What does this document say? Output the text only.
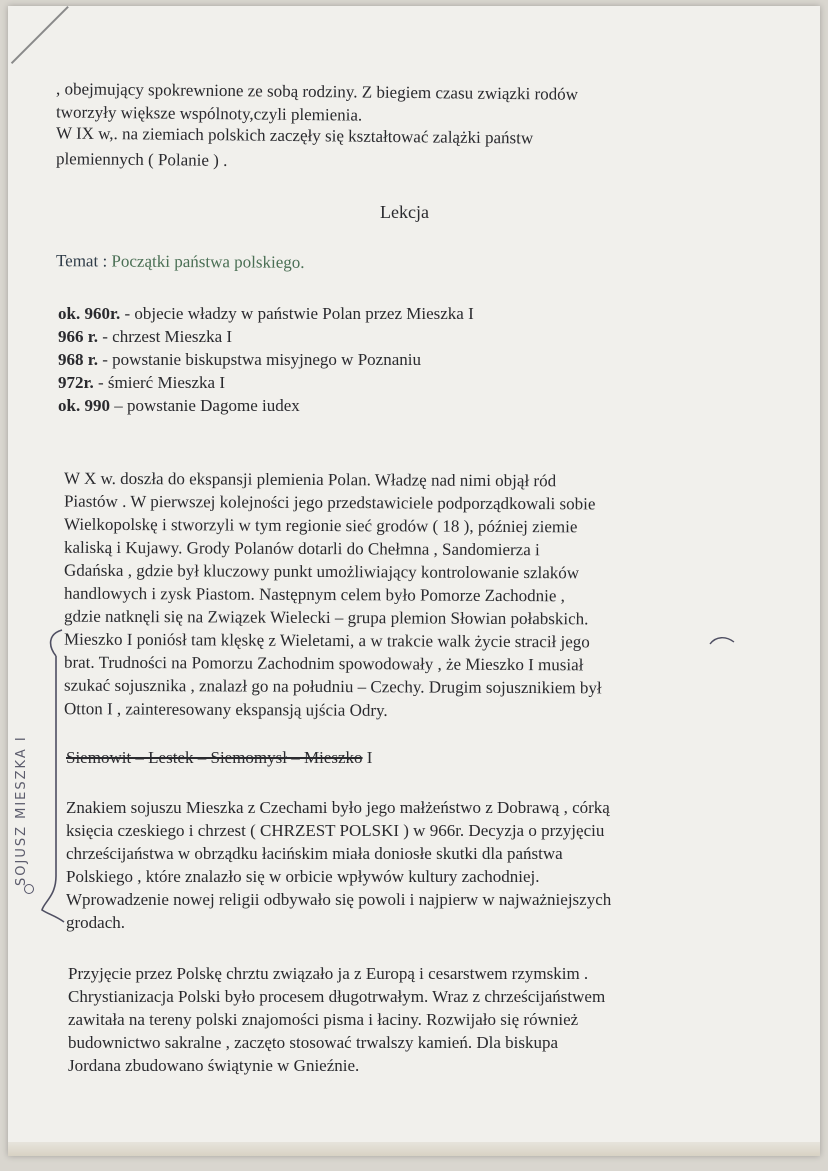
, obejmujący spokrewnione ze sobą rodziny. Z biegiem czasu związki rodów
tworzyły większe wspólnoty,czyli plemienia.
W IX w,. na ziemiach polskich zaczęły się kształtować zalążki państw
plemiennych ( Polanie ) .
Lekcja
Temat : Początki państwa polskiego.
ok. 960r. - objecie władzy w państwie Polan przez Mieszka I
966 r. - chrzest Mieszka I
968 r. - powstanie biskupstwa misyjnego w Poznaniu
972r. - śmierć Mieszka I
ok. 990 – powstanie Dagome iudex
W X w. doszła do ekspansji plemienia Polan. Władzę nad nimi objął ród
Piastów . W pierwszej kolejności jego przedstawiciele podporządkowali sobie
Wielkopolskę i stworzyli w tym regionie sieć grodów ( 18 ), później ziemie
kaliską i Kujawy. Grody Polanów dotarli do Chełmna , Sandomierza i
Gdańska , gdzie był kluczowy punkt umożliwiający kontrolowanie szlaków
handlowych i zysk Piastom. Następnym celem było Pomorze Zachodnie ,
gdzie natknęli się na Związek Wielecki – grupa plemion Słowian połabskich.
Mieszko I poniósł tam klęskę z Wieletami, a w trakcie walk życie stracił jego
brat. Trudności na Pomorzu Zachodnim spowodowały , że Mieszko I musiał
szukać sojusznika , znalazł go na południu – Czechy. Drugim sojusznikiem był
Otton I , zainteresowany ekspansją ujścia Odry.
Siemowit – Lestek – Siemomysł – Mieszko I
Znakiem sojuszu Mieszka z Czechami było jego małżeństwo z Dobrawą , córką
księcia czeskiego i chrzest ( CHRZEST POLSKI ) w 966r. Decyzja o przyjęciu
chrześcijaństwa w obrządku łacińskim miała doniosłe skutki dla państwa
Polskiego , które znalazło się w orbicie wpływów kultury zachodniej.
Wprowadzenie nowej religii odbywało się powoli i najpierw w najważniejszych
grodach.
Przyjęcie przez Polskę chrztu związało ja z Europą i cesarstwem rzymskim .
Chrystianizacja Polski było procesem długotrwałym. Wraz z chrześcijaństwem
zawitała na tereny polski znajomości pisma i łaciny. Rozwijało się również
budownictwo sakralne , zaczęto stosować trwalszy kamień. Dla biskupa
Jordana zbudowano świątynie w Gnieźnie.
SOJUSZ MIESZKA I
